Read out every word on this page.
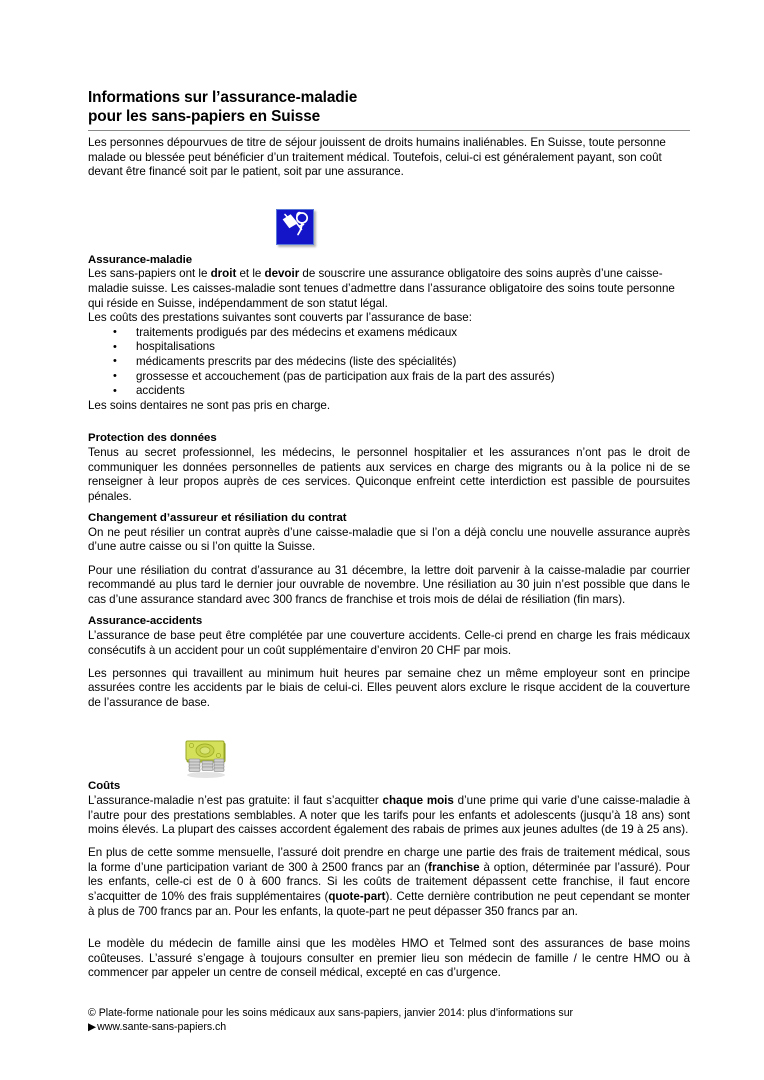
Informations sur l’assurance-maladie
pour les sans-papiers en Suisse

Les personnes dépourvues de titre de séjour jouissent de droits humains inaliénables. En Suisse, toute personne malade ou blessée peut bénéficier d’un traitement médical. Toutefois, celui-ci est généralement payant, son coût devant être financé soit par le patient, soit par une assurance.

Assurance-maladie

Les sans-papiers ont le droit et le devoir de souscrire une assurance obligatoire des soins auprès d’une caisse-maladie suisse. Les caisses-maladie sont tenues d’admettre dans l’assurance obligatoire des soins toute personne qui réside en Suisse, indépendamment de son statut légal.

Les coûts des prestations suivantes sont couverts par l’assurance de base:

• traitements prodigués par des médecins et examens médicaux
• hospitalisations
• médicaments prescrits par des médecins (liste des spécialités)
• grossesse et accouchement (pas de participation aux frais de la part des assurés)
• accidents

Les soins dentaires ne sont pas pris en charge.

Protection des données

Tenus au secret professionnel, les médecins, le personnel hospitalier et les assurances n’ont pas le droit de communiquer les données personnelles de patients aux services en charge des migrants ou à la police ni de se renseigner à leur propos auprès de ces services. Quiconque enfreint cette interdiction est passible de poursuites pénales.

Changement d’assureur et résiliation du contrat

On ne peut résilier un contrat auprès d’une caisse-maladie que si l’on a déjà conclu une nouvelle assurance auprès d’une autre caisse ou si l’on quitte la Suisse.

Pour une résiliation du contrat d’assurance au 31 décembre, la lettre doit parvenir à la caisse-maladie par courrier recommandé au plus tard le dernier jour ouvrable de novembre. Une résiliation au 30 juin n’est possible que dans le cas d’une assurance standard avec 300 francs de franchise et trois mois de délai de résiliation (fin mars).

Assurance-accidents

L’assurance de base peut être complétée par une couverture accidents. Celle-ci prend en charge les frais médicaux consécutifs à un accident pour un coût supplémentaire d’environ 20 CHF par mois.

Les personnes qui travaillent au minimum huit heures par semaine chez un même employeur sont en principe assurées contre les accidents par le biais de celui-ci. Elles peuvent alors exclure le risque accident de la couverture de l’assurance de base.

Coûts

L’assurance-maladie n’est pas gratuite: il faut s’acquitter chaque mois d’une prime qui varie d’une caisse-maladie à l’autre pour des prestations semblables. A noter que les tarifs pour les enfants et adolescents (jusqu’à 18 ans) sont moins élevés. La plupart des caisses accordent également des rabais de primes aux jeunes adultes (de 19 à 25 ans).

En plus de cette somme mensuelle, l’assuré doit prendre en charge une partie des frais de traitement médical, sous la forme d’une participation variant de 300 à 2500 francs par an (franchise à option, déterminée par l’assuré). Pour les enfants, celle-ci est de 0 à 600 francs. Si les coûts de traitement dépassent cette franchise, il faut encore s’acquitter de 10% des frais supplémentaires (quote-part). Cette dernière contribution ne peut cependant se monter à plus de 700 francs par an. Pour les enfants, la quote-part ne peut dépasser 350 francs par an.

Le modèle du médecin de famille ainsi que les modèles HMO et Telmed sont des assurances de base moins coûteuses. L’assuré s’engage à toujours consulter en premier lieu son médecin de famille / le centre HMO ou à commencer par appeler un centre de conseil médical, excepté en cas d’urgence.

© Plate-forme nationale pour les soins médicaux aux sans-papiers, janvier 2014: plus d’informations sur
▶www.sante-sans-papiers.ch
